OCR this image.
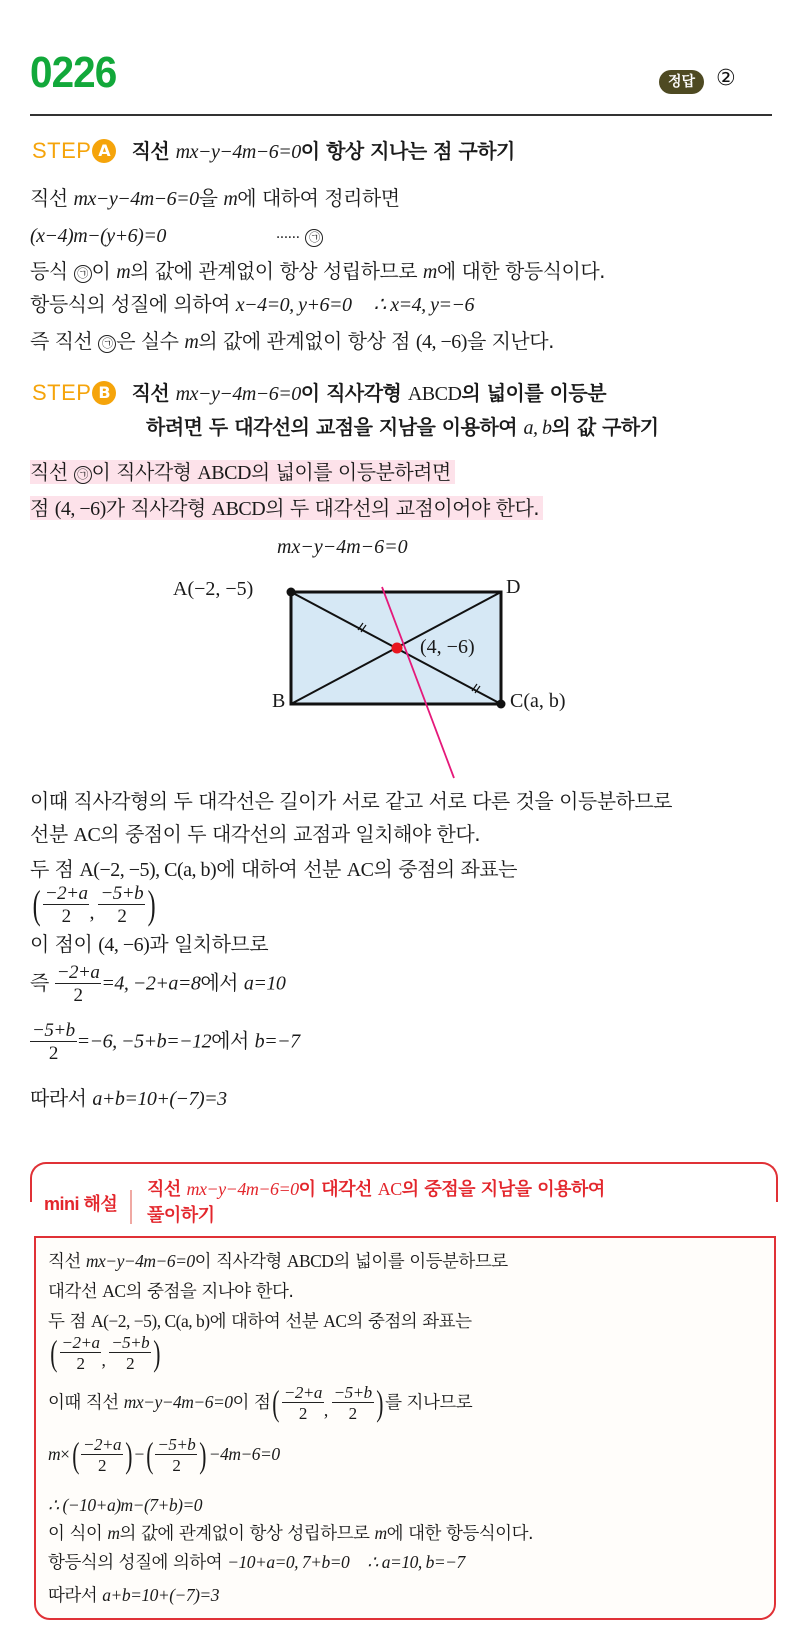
0226	정답 ②
STEP A 직선 mx−y−4m−6=0이 항상 지나는 점 구하기
직선 mx−y−4m−6=0을 m에 대하여 정리하면
(x−4)m−(y+6)=0	······ ㉠
등식 ㉠ 이 m의 값에 관계없이 항상 성립하므로 m에 대한 항등식이다.
항등식의 성질에 의하여 x−4=0, y+6=0 ∴ x=4, y=−6
즉 직선 ㉠ 은 실수 m의 값에 관계없이 항상 점 (4, −6)을 지난다.
STEP B 직선 mx−y−4m−6=0이 직사각형 ABCD의 넓이를 이등분
하려면 두 대각선의 교점을 지남을 이용하여 a, b의 값 구하기
직선 ㉠ 이 직사각형 ABCD의 넓이를 이등분하려면
점 (4, −6)가 직사각형 ABCD의 두 대각선의 교점이어야 한다.
mx−y−4m−6=0
A(−2, −5)	D
B	C(a, b)
(4, −6)
이때 직사각형의 두 대각선은 길이가 서로 같고 서로 다른 것을 이등분하므로
선분 AC의 중점이 두 대각선의 교점과 일치해야 한다.
두 점 A(−2, −5), C(a, b)에 대하여 선분 AC의 중점의 좌표는
( $\frac{-2+a}{2}$ , $\frac{-5+b}{2}$ )
이 점이 (4, −6)과 일치하므로
즉 $\frac{-2+a}{2} =4$, −2+a=8에서 a=10
$\frac{-5+b}{2} =-6$, −5+b=−12에서 b=−7
따라서 a+b=10+(−7)=3
mini 해설
직선 mx−y−4m−6=0이 대각선 AC의 중점을 지남을 이용하여
풀이하기
직선 mx−y−4m−6=0이 직사각형 ABCD의 넓이를 이등분하므로
대각선 AC의 중점을 지나야 한다.
두 점 A(−2, −5), C(a, b)에 대하여 선분 AC의 중점의 좌표는
( $\frac{-2+a}{2}$ , $\frac{-5+b}{2}$ )
이때 직선 mx−y−4m−6=0이 점( $\frac{-2+a}{2}$ , $\frac{-5+b}{2}$ ) 를 지나므로
$m\times( \frac{-2+a}{2}$ ) −( $\frac{-5+b}{2}$ ) −4m−6=0
∴ (−10+a)m−(7+b)=0
이 식이 m의 값에 관계없이 항상 성립하므로 m에 대한 항등식이다.
항등식의 성질에 의하여 −10+a=0, 7+b=0 ∴ a=10, b=−7
따라서 a+b=10+(−7)=3
